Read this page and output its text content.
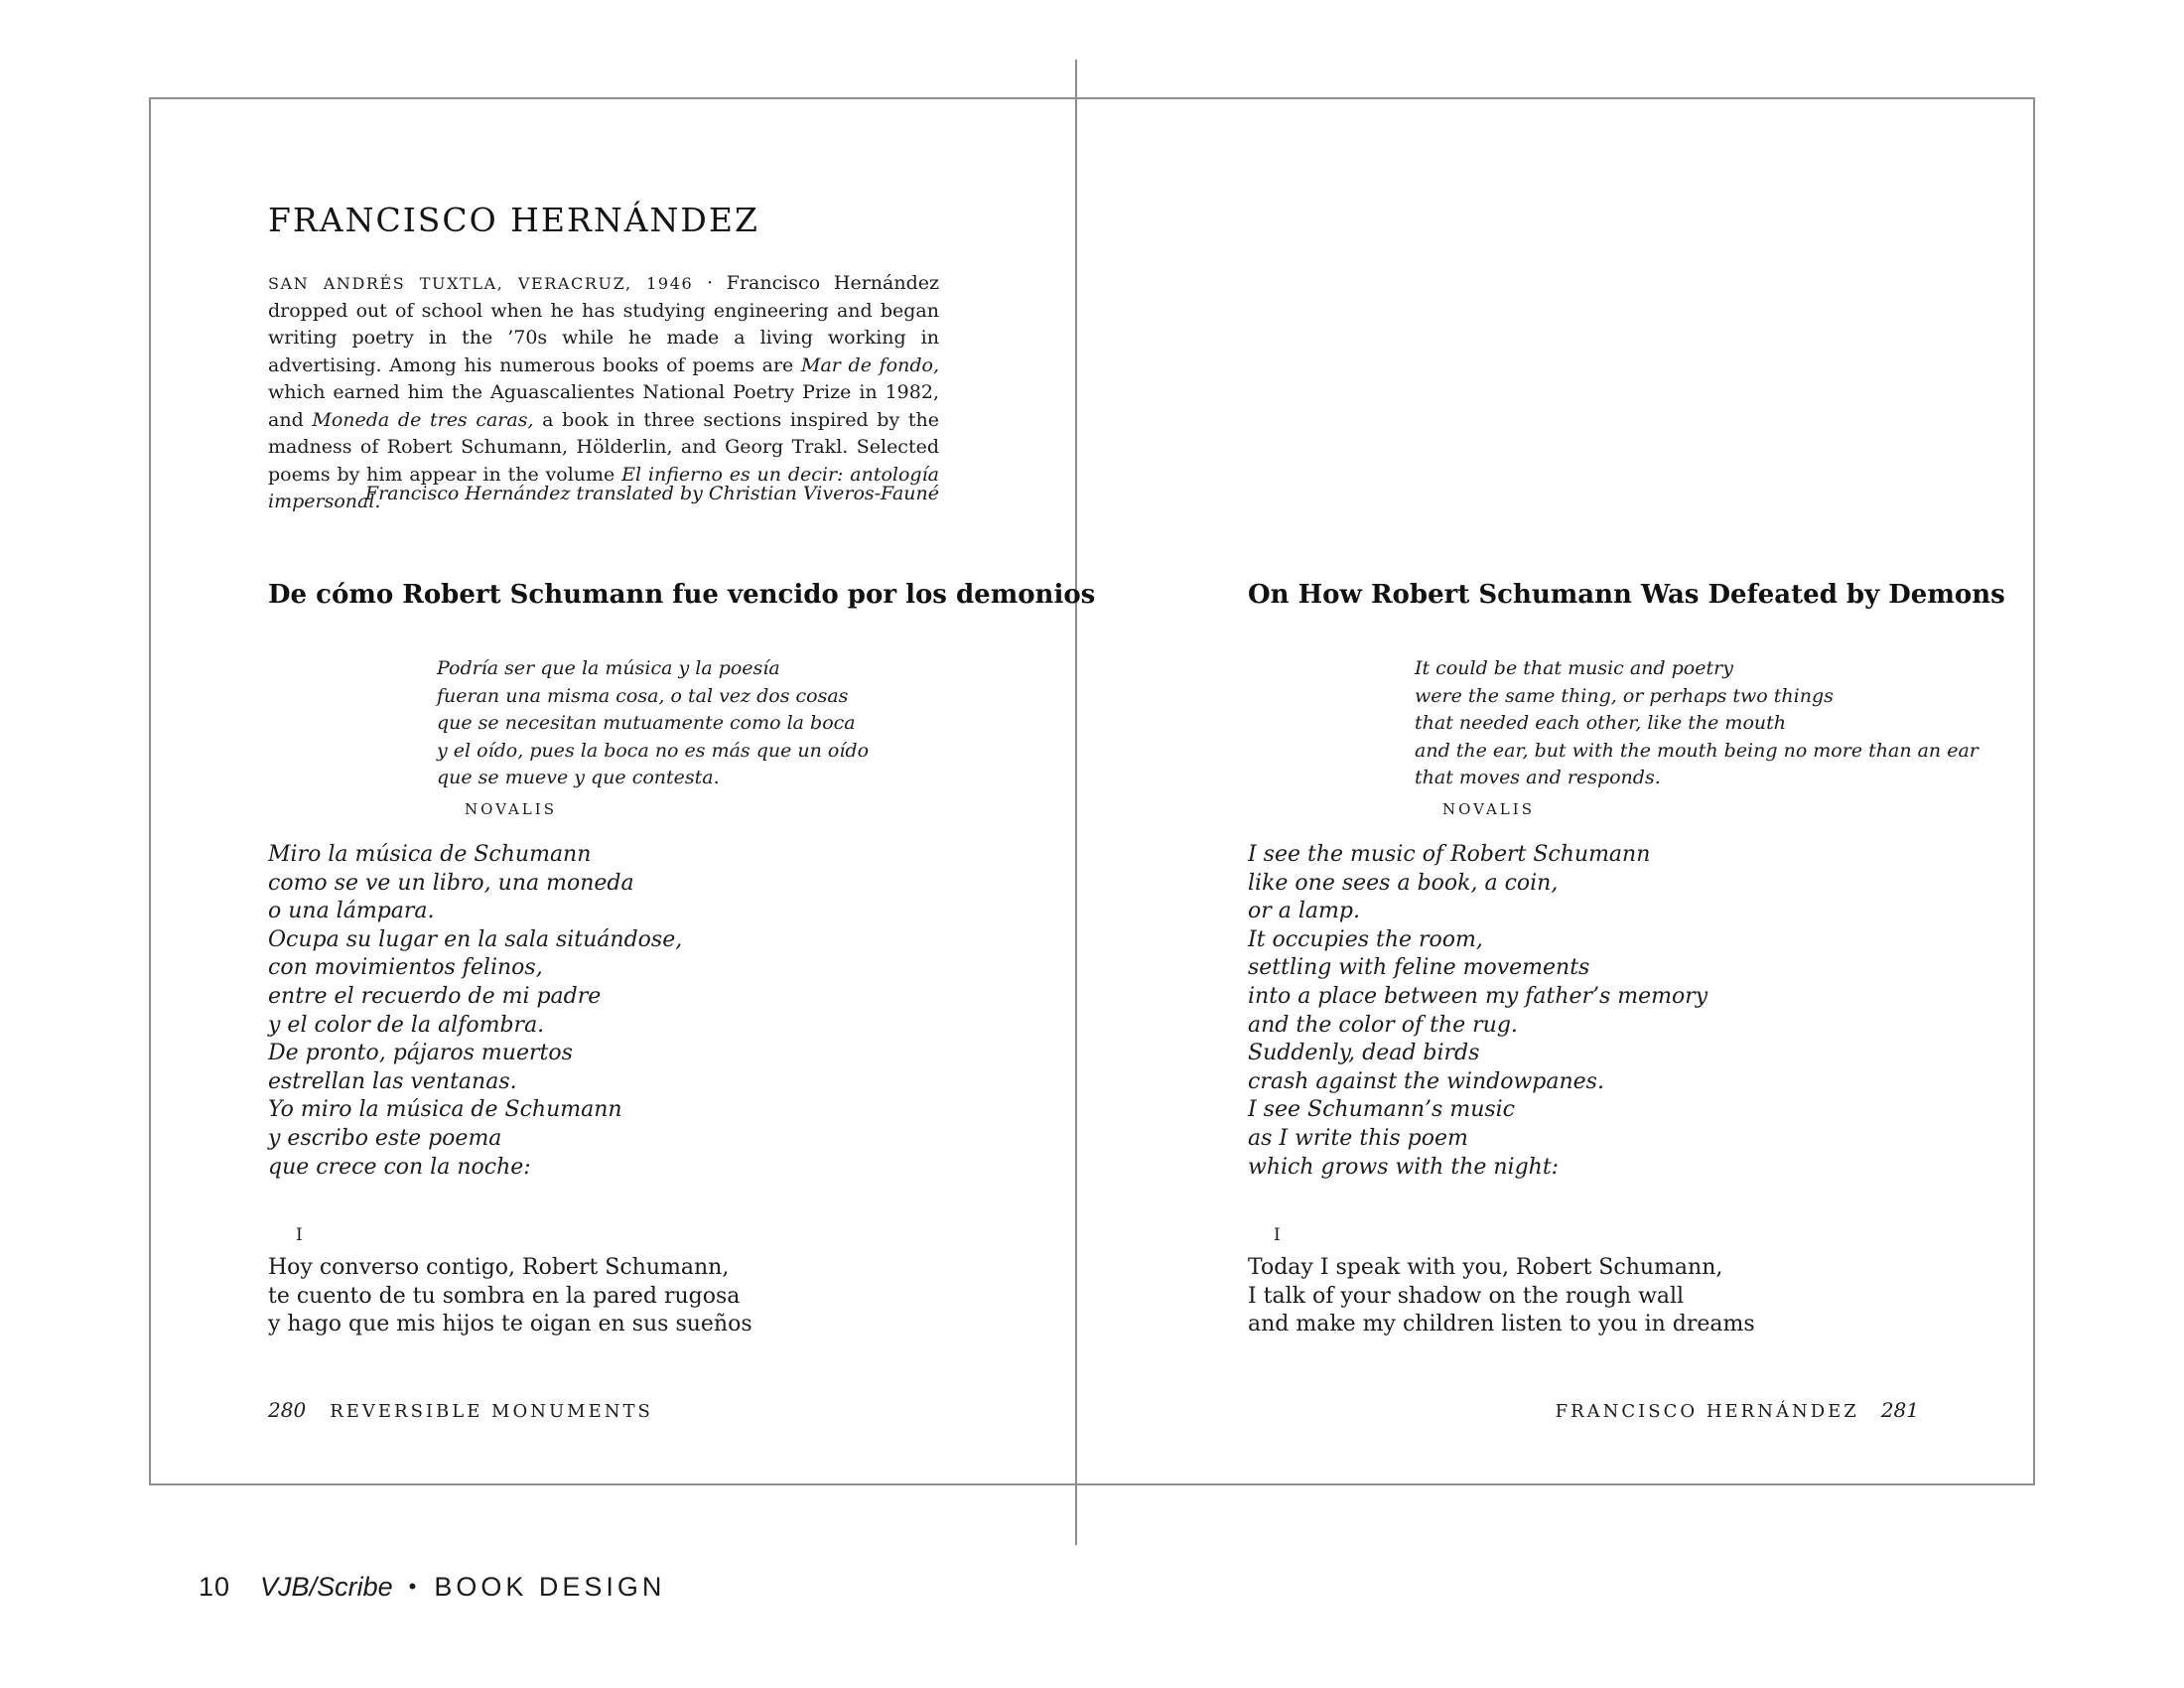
FRANCISCO HERNÁNDEZ

SAN ANDRÉS TUXTLA, VERACRUZ, 1946 · Francisco Hernández dropped out of school when he has studying engineering and began writing poetry in the ’70s while he made a living working in advertising. Among his numerous books of poems are Mar de fondo, which earned him the Aguascalientes National Poetry Prize in 1982, and Moneda de tres caras, a book in three sections inspired by the madness of Robert Schumann, Hölderlin, and Georg Trakl. Selected poems by him appear in the volume El infierno es un decir: antología impersonal.

Francisco Hernández translated by Christian Viveros-Fauné

De cómo Robert Schumann fue vencido por los demonios
Podría ser que la música y la poesía
fueran una misma cosa, o tal vez dos cosas
que se necesitan mutuamente como la boca
y el oído, pues la boca no es más que un oído
que se mueve y que contesta.
NOVALIS
Miro la música de Schumann
como se ve un libro, una moneda
o una lámpara.
Ocupa su lugar en la sala situándose,
con movimientos felinos,
entre el recuerdo de mi padre
y el color de la alfombra.
De pronto, pájaros muertos
estrellan las ventanas.
Yo miro la música de Schumann
y escribo este poema
que crece con la noche:
I
Hoy converso contigo, Robert Schumann,
te cuento de tu sombra en la pared rugosa
y hago que mis hijos te oigan en sus sueños
280 REVERSIBLE MONUMENTS
On How Robert Schumann Was Defeated by Demons
It could be that music and poetry
were the same thing, or perhaps two things
that needed each other, like the mouth
and the ear, but with the mouth being no more than an ear
that moves and responds.
NOVALIS
I see the music of Robert Schumann
like one sees a book, a coin,
or a lamp.
It occupies the room,
settling with feline movements
into a place between my father’s memory
and the color of the rug.
Suddenly, dead birds
crash against the windowpanes.
I see Schumann’s music
as I write this poem
which grows with the night:
I
Today I speak with you, Robert Schumann,
I talk of your shadow on the rough wall
and make my children listen to you in dreams
FRANCISCO HERNÁNDEZ 281
10 VJB/Scribe • BOOK DESIGN
